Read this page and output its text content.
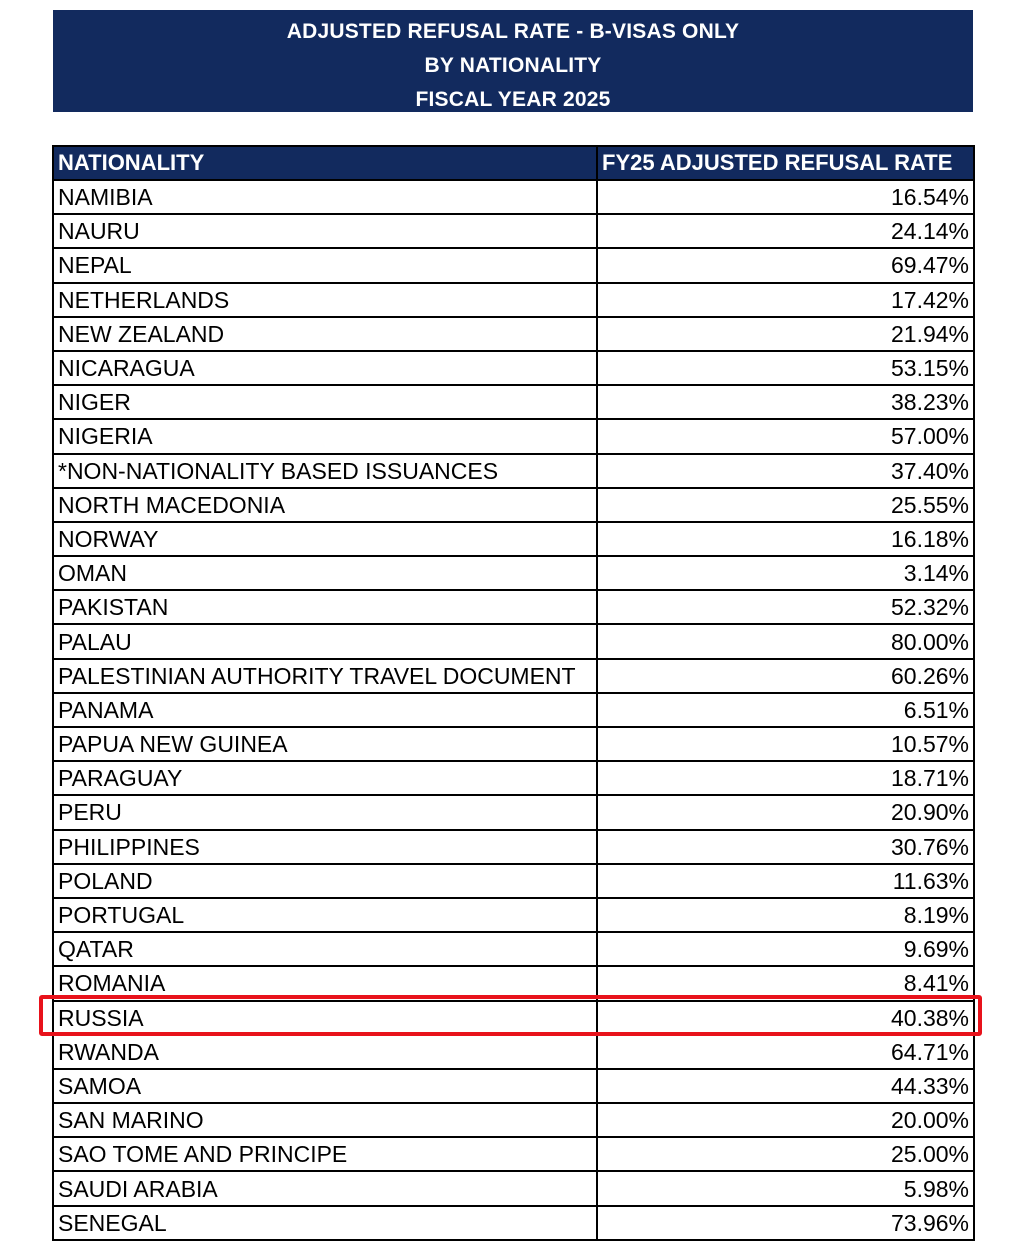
ADJUSTED REFUSAL RATE - B-VISAS ONLY
BY NATIONALITY
FISCAL YEAR 2025
NATIONALITY	FY25 ADJUSTED REFUSAL RATE
NAMIBIA	16.54%
NAURU	24.14%
NEPAL	69.47%
NETHERLANDS	17.42%
NEW ZEALAND	21.94%
NICARAGUA	53.15%
NIGER	38.23%
NIGERIA	57.00%
*NON-NATIONALITY BASED ISSUANCES	37.40%
NORTH MACEDONIA	25.55%
NORWAY	16.18%
OMAN	3.14%
PAKISTAN	52.32%
PALAU	80.00%
PALESTINIAN AUTHORITY TRAVEL DOCUMENT	60.26%
PANAMA	6.51%
PAPUA NEW GUINEA	10.57%
PARAGUAY	18.71%
PERU	20.90%
PHILIPPINES	30.76%
POLAND	11.63%
PORTUGAL	8.19%
QATAR	9.69%
ROMANIA	8.41%
RUSSIA	40.38%
RWANDA	64.71%
SAMOA	44.33%
SAN MARINO	20.00%
SAO TOME AND PRINCIPE	25.00%
SAUDI ARABIA	5.98%
SENEGAL	73.96%
